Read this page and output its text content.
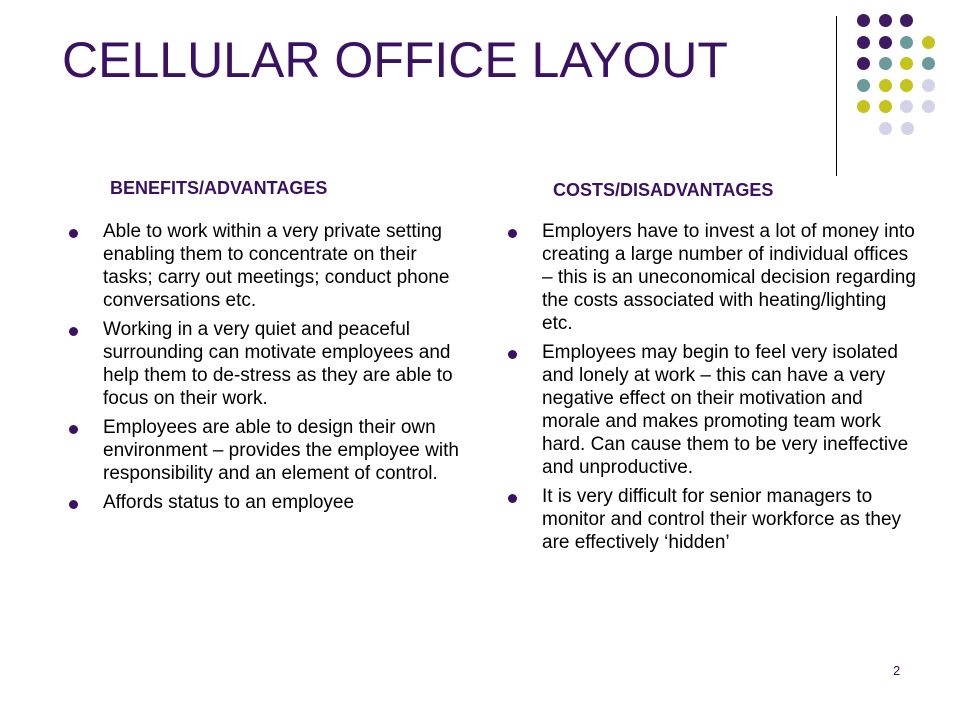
CELLULAR OFFICE LAYOUT
BENEFITS/ADVANTAGES	COSTS/DISADVANTAGES
Able to work within a very private setting enabling them to concentrate on their tasks; carry out meetings; conduct phone conversations etc.
Working in a very quiet and peaceful surrounding can motivate employees and help them to de-stress as they are able to focus on their work.
Employees are able to design their own environment – provides the employee with responsibility and an element of control.
Affords status to an employee
Employers have to invest a lot of money into creating a large number of individual offices – this is an uneconomical decision regarding the costs associated with heating/lighting etc.
Employees may begin to feel very isolated and lonely at work – this can have a very negative effect on their motivation and morale and makes promoting team work hard. Can cause them to be very ineffective and unproductive.
It is very difficult for senior managers to monitor and control their workforce as they are effectively ‘hidden’
2
